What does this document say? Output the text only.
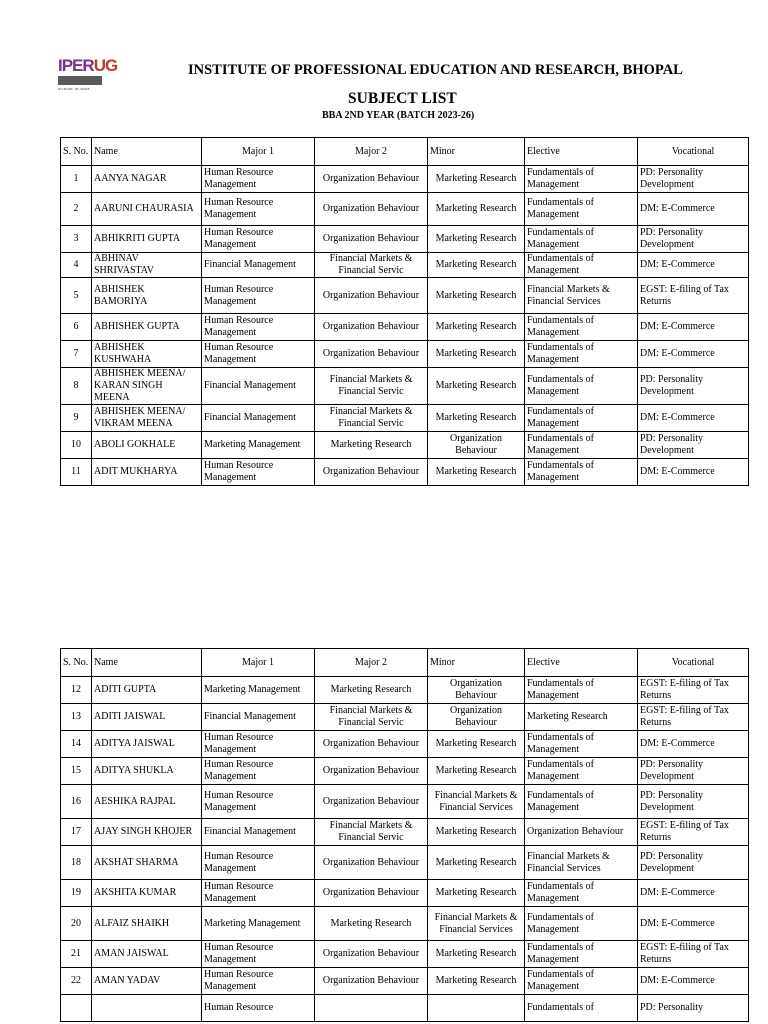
IPERUG
DO MORE. BE MORE.
INSTITUTE OF PROFESSIONAL EDUCATION AND RESEARCH, BHOPAL
SUBJECT LIST
BBA 2ND YEAR (BATCH 2023-26)
S. No.	Name	Major 1	Major 2	Minor	Elective	Vocational
1	AANYA NAGAR	Human Resource Management	Organization Behaviour	Marketing Research	Fundamentals of Management	PD: Personality Development
2	AARUNI CHAURASIA	Human Resource Management	Organization Behaviour	Marketing Research	Fundamentals of Management	DM: E-Commerce
3	ABHIKRITI GUPTA	Human Resource Management	Organization Behaviour	Marketing Research	Fundamentals of Management	PD: Personality Development
4	ABHINAV SHRIVASTAV	Financial Management	Financial Markets & Financial Servic	Marketing Research	Fundamentals of Management	DM: E-Commerce
5	ABHISHEK BAMORIYA	Human Resource Management	Organization Behaviour	Marketing Research	Financial Markets & Financial Services	EGST: E-filing of Tax Returns
6	ABHISHEK GUPTA	Human Resource Management	Organization Behaviour	Marketing Research	Fundamentals of Management	DM: E-Commerce
7	ABHISHEK KUSHWAHA	Human Resource Management	Organization Behaviour	Marketing Research	Fundamentals of Management	DM: E-Commerce
8	ABHISHEK MEENA/ KARAN SINGH MEENA	Financial Management	Financial Markets & Financial Servic	Marketing Research	Fundamentals of Management	PD: Personality Development
9	ABHISHEK MEENA/ VIKRAM MEENA	Financial Management	Financial Markets & Financial Servic	Marketing Research	Fundamentals of Management	DM: E-Commerce
10	ABOLI GOKHALE	Marketing Management	Marketing Research	Organization Behaviour	Fundamentals of Management	PD: Personality Development
11	ADIT MUKHARYA	Human Resource Management	Organization Behaviour	Marketing Research	Fundamentals of Management	DM: E-Commerce
S. No.	Name	Major 1	Major 2	Minor	Elective	Vocational
12	ADITI GUPTA	Marketing Management	Marketing Research	Organization Behaviour	Fundamentals of Management	EGST: E-filing of Tax Returns
13	ADITI JAISWAL	Financial Management	Financial Markets & Financial Servic	Organization Behaviour	Marketing Research	EGST: E-filing of Tax Returns
14	ADITYA JAISWAL	Human Resource Management	Organization Behaviour	Marketing Research	Fundamentals of Management	DM: E-Commerce
15	ADITYA SHUKLA	Human Resource Management	Organization Behaviour	Marketing Research	Fundamentals of Management	PD: Personality Development
16	AESHIKA RAJPAL	Human Resource Management	Organization Behaviour	Financial Markets & Financial Services	Fundamentals of Management	PD: Personality Development
17	AJAY SINGH KHOJER	Financial Management	Financial Markets & Financial Servic	Marketing Research	Organization Behaviour	EGST: E-filing of Tax Returns
18	AKSHAT SHARMA	Human Resource Management	Organization Behaviour	Marketing Research	Financial Markets & Financial Services	PD: Personality Development
19	AKSHITA KUMAR	Human Resource Management	Organization Behaviour	Marketing Research	Fundamentals of Management	DM: E-Commerce
20	ALFAIZ SHAIKH	Marketing Management	Marketing Research	Financial Markets & Financial Services	Fundamentals of Management	DM: E-Commerce
21	AMAN JAISWAL	Human Resource Management	Organization Behaviour	Marketing Research	Fundamentals of Management	EGST: E-filing of Tax Returns
22	AMAN YADAV	Human Resource Management	Organization Behaviour	Marketing Research	Fundamentals of Management	DM: E-Commerce
		Human Resource			Fundamentals of	PD: Personality
